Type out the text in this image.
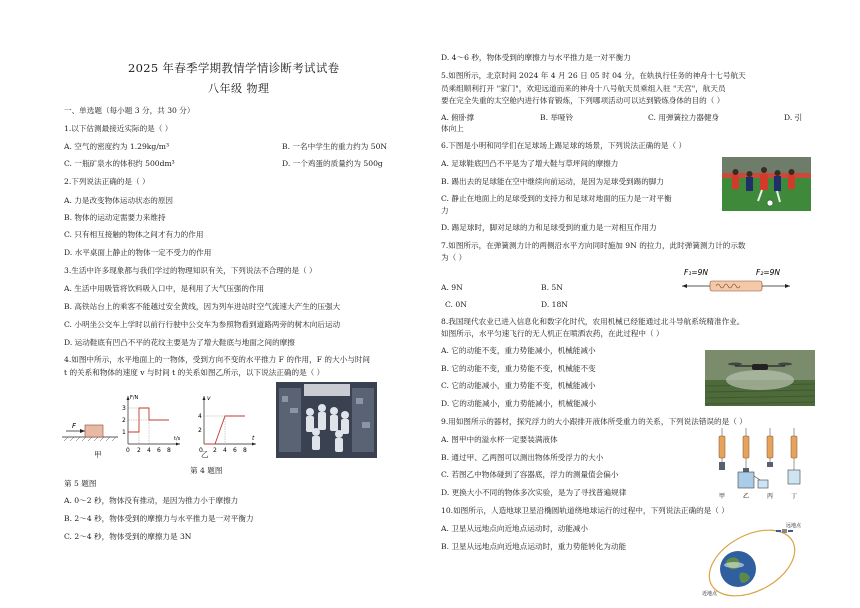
2025 年春季学期教情学情诊断考试试卷
八年级 物理
一、单选题（每小题 3 分，共 30 分）
1.以下估测最接近实际的是（ ）
A. 空气的密度约为 1.29kg/m³	B. 一名中学生的重力约为 50N
C. 一瓶矿泉水的体积约 500dm³	D. 一个鸡蛋的质量约为 500g
2.下列说法正确的是（ ）
A. 力是改变物体运动状态的原因
B. 物体的运动定需要力来维持
C. 只有相互接触的物体之间才有力的作用
D. 水平桌面上静止的物体一定不受力的作用
3.生活中许多现象都与我们学过的物理知识有关，下列说法不合理的是（ ）
A. 生活中用吸管将饮料吸入口中，是利用了大气压强的作用
B. 高铁站台上的乘客不能越过安全黄线，因为列车进站时空气流速大产生的压强大
C. 小明坐公交车上学时以前行行驶中公交车为参照物看到道路两旁的树木向后运动
D. 运动鞋底有凹凸不平的花纹主要是为了增大鞋底与地面之间的摩擦
4.如图中所示，水平地面上的一物体，受到方向不变的水平推力 F 的作用，F 的大小与时间
t 的关系和物体的速度 v 与时间 t 的关系如图乙所示，以下说法正确的是（ ）
F
F/N
t/s
1
2
3
0 2 4 6 8
v
t
2
4
0 2 4 6 8
甲	乙
第 4 题图
第 5 题图
A. 0～2 秒，物体没有推动，是因为推力小于摩擦力
B. 2～4 秒，物体受到的摩擦力与水平推力是一对平衡力
C. 2～4 秒，物体受到的摩擦力是 3N
D. 4～6 秒，物体受到的摩擦力与水平推力是一对平衡力
5.如图所示，北京时间 2024 年 4 月 26 日 05 时 04 分，在轨执行任务的神舟十七号航天
员乘组顺利打开 "家门"，欢迎远道而来的神舟十八号航天员乘组入驻 "天宫"，航天员
要在完全失重的太空舱内进行体育锻炼，下列哪项活动可以达到锻炼身体的目的（ ）
A. 俯卧撑	B. 举哑铃	C. 用弹簧拉力器健身	D. 引
体向上
6.下图是小明和同学们在足球场上踢足球的场景，下列说法正确的是（ ）
A. 足球鞋底凹凸不平是为了增大鞋与草坪间的摩擦力
B. 踢出去的足球能在空中继续向前运动，是因为足球受到踢的脚力
C. 静止在地面上的足球受到的支持力和足球对地面的压力是一对平衡
力
D. 踢足球时，脚对足球的力和足球受到的重力是一对相互作用力
7.如图所示，在弹簧测力计的两侧沿水平方向同时施加 9N 的拉力，此时弹簧测力计的示数
为（ ）
F₁=9N	F₂=9N
A. 9N	B. 5N
C. 0N	D. 18N
8.我国现代农业已进入信息化和数字化时代，农用机械已经能通过北斗导航系统精准作业。
如图所示，水平匀速飞行的无人机正在喷洒农药，在此过程中（ ）
A. 它的动能不变，重力势能减小，机械能减小
B. 它的动能不变，重力势能不变，机械能不变
C. 它的动能减小，重力势能不变，机械能减小
D. 它的动能减小，重力势能减小，机械能减小
9.用如图所示的器材，探究浮力的大小跟排开液体所受重力的关系，下列说法错误的是（ ）
A. 图甲中的溢水杯一定要装满液体
B. 通过甲、乙两图可以测出物体所受浮力的大小
C. 若图乙中物体碰到了容器底，浮力的测量值会偏小
D. 更换大小不同的物体多次实验，是为了寻找普遍规律	甲	乙	丙	丁
10.如图所示，人造地球卫星沿椭圆轨道绕地球运行的过程中，下列说法正确的是（ ）
A. 卫星从远地点向近地点运动时，动能减小
B. 卫星从远地点向近地点运动时，重力势能转化为动能
远地点
近地点
